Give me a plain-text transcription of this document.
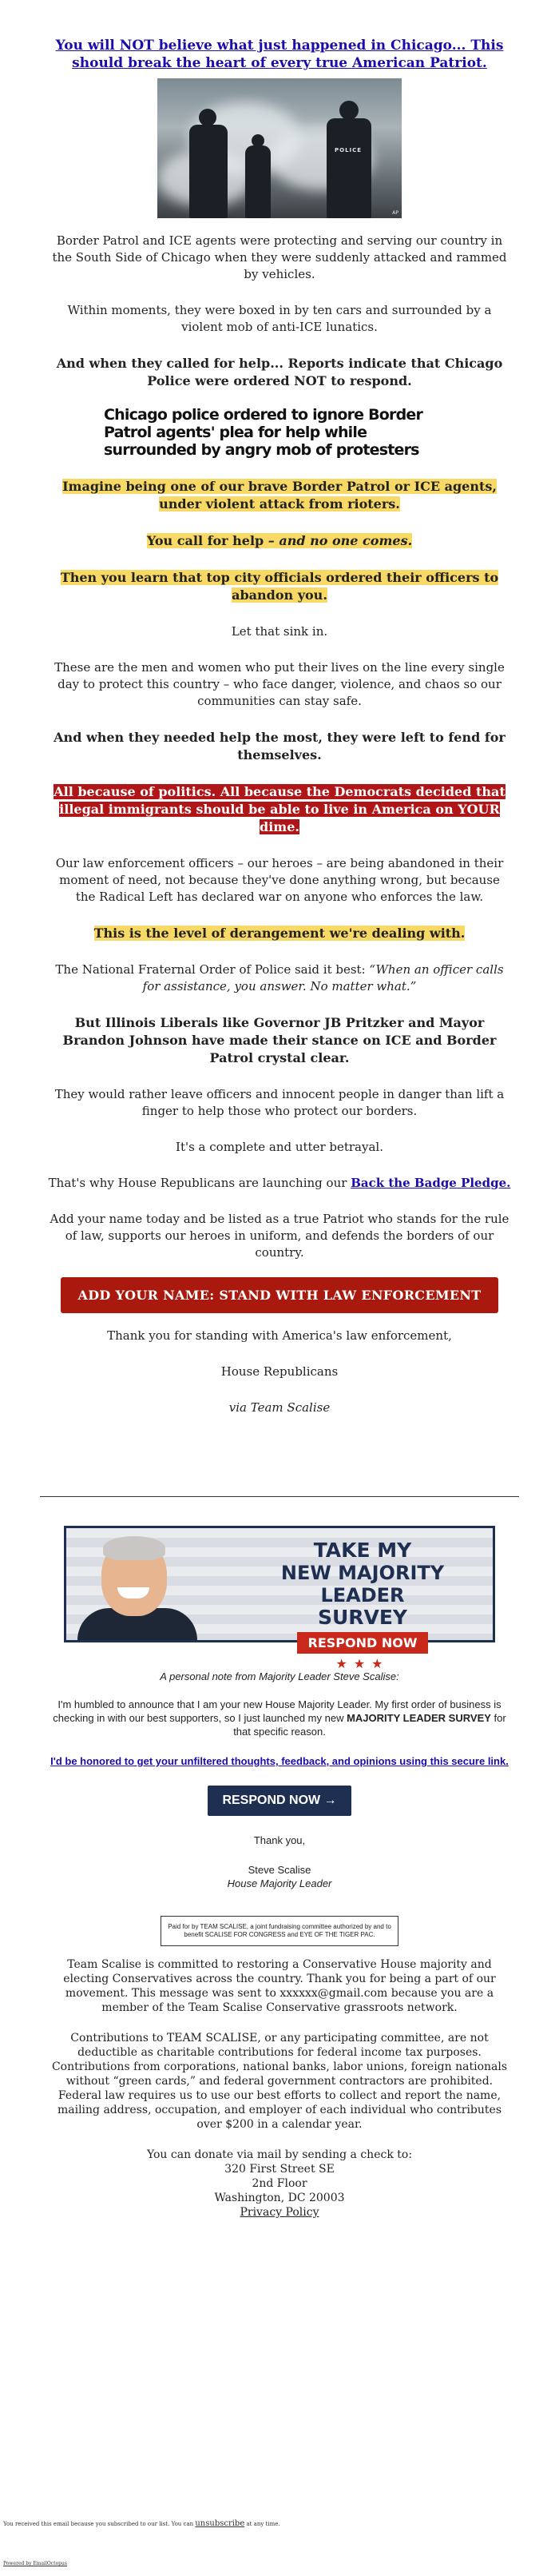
You will NOT believe what just happened in Chicago... This should break the heart of every true American Patriot.

POLICE
AP

Border Patrol and ICE agents were protecting and serving our country in the South Side of Chicago when they were suddenly attacked and rammed by vehicles.

Within moments, they were boxed in by ten cars and surrounded by a violent mob of anti-ICE lunatics.

And when they called for help... Reports indicate that Chicago Police were ordered NOT to respond.

Chicago police ordered to ignore Border Patrol agents' plea for help while surrounded by angry mob of protesters

Imagine being one of our brave Border Patrol or ICE agents, under violent attack from rioters.

You call for help – and no one comes.

Then you learn that top city officials ordered their officers to abandon you.

Let that sink in.

These are the men and women who put their lives on the line every single day to protect this country – who face danger, violence, and chaos so our communities can stay safe.

And when they needed help the most, they were left to fend for themselves.

All because of politics. All because the Democrats decided that illegal immigrants should be able to live in America on YOUR dime.

Our law enforcement officers – our heroes – are being abandoned in their moment of need, not because they've done anything wrong, but because the Radical Left has declared war on anyone who enforces the law.

This is the level of derangement we're dealing with.

The National Fraternal Order of Police said it best: “When an officer calls for assistance, you answer. No matter what.”

But Illinois Liberals like Governor JB Pritzker and Mayor Brandon Johnson have made their stance on ICE and Border Patrol crystal clear.

They would rather leave officers and innocent people in danger than lift a finger to help those who protect our borders.

It's a complete and utter betrayal.

That's why House Republicans are launching our Back the Badge Pledge.

Add your name today and be listed as a true Patriot who stands for the rule of law, supports our heroes in uniform, and defends the borders of our country.

ADD YOUR NAME: STAND WITH LAW ENFORCEMENT

Thank you for standing with America's law enforcement,

House Republicans

via Team Scalise

TAKE MY
NEW MAJORITY LEADER
SURVEY
RESPOND NOW
★★★

A personal note from Majority Leader Steve Scalise:

I'm humbled to announce that I am your new House Majority Leader. My first order of business is checking in with our best supporters, so I just launched my new MAJORITY LEADER SURVEY for that specific reason.

I'd be honored to get your unfiltered thoughts, feedback, and opinions using this secure link.

RESPOND NOW →

Thank you,

Steve Scalise

House Majority Leader

Paid for by TEAM SCALISE, a joint fundraising committee authorized by and to benefit SCALISE FOR CONGRESS and EYE OF THE TIGER PAC.

Team Scalise is committed to restoring a Conservative House majority and electing Conservatives across the country. Thank you for being a part of our movement. This message was sent to xxxxxx@gmail.com because you are a member of the Team Scalise Conservative grassroots network.

Contributions to TEAM SCALISE, or any participating committee, are not deductible as charitable contributions for federal income tax purposes. Contributions from corporations, national banks, labor unions, foreign nationals without “green cards,” and federal government contractors are prohibited. Federal law requires us to use our best efforts to collect and report the name, mailing address, occupation, and employer of each individual who contributes over $200 in a calendar year.

You can donate via mail by sending a check to:
320 First Street SE
2nd Floor
Washington, DC 20003
Privacy Policy
You received this email because you subscribed to our list. You can unsubscribe at any time.
Powered by EmailOctopus
